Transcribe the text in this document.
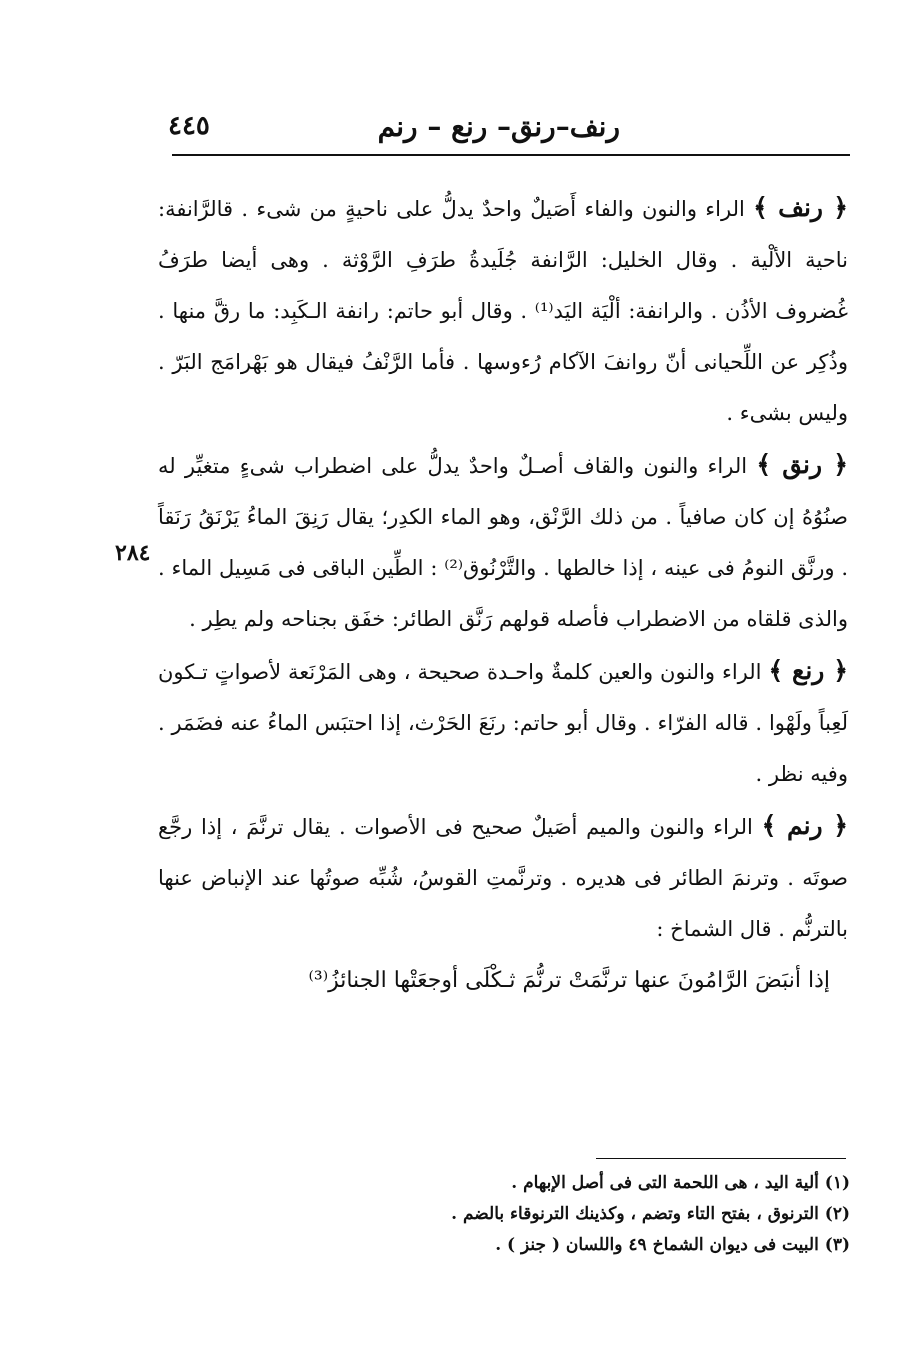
٤٤٥	رنف–رنق– رنع – رنم
٢٨٤

﴿ رنف ﴾ الراء والنون والفاء أَصَيلٌ واحدٌ يدلُّ على ناحيةٍ من شىء . قالرَّانفة: ناحية الألْية . وقال الخليل: الرَّانفة جُلَيدةُ طرَفِ الرَّوْثة . وهى أيضا طرَفُ غُضروف الأذُن . والرانفة: ألْيَة اليَد⁽¹⁾ . وقال أبو حاتم: رانفة الـكَبِد: ما رقَّ منها . وذُكِر عن اللِّحيانى أنّ روانفَ الآكام رُءوسها . فأما الرَّنْفُ فيقال هو بَهْرامَج البَرّ . وليس بشىء .

﴿ رنق ﴾ الراء والنون والقاف أصـلٌ واحدٌ يدلُّ على اضطراب شىءٍ متغيِّر له صنُوُهُ إن كان صافياً . من ذلك الرَّنْق، وهو الماء الكدِر؛ يقال رَنِقَ الماءُ يَرْنَقُ رَنَقاً . ورنَّق النومُ فى عينه ، إذا خالطها . والتَّرْنُوق⁽²⁾ : الطِّين الباقى فى مَسِيل الماء . والذى قلقاه من الاضطراب فأصله قولهم رَنَّق الطائر: خفَق بجناحه ولم يطِر .

﴿ رنع ﴾ الراء والنون والعين كلمةٌ واحـدة صحيحة ، وهى المَرْنَعة لأصواتٍ تـكون لَعِباً ولَهْوا . قاله الفرّاء . وقال أبو حاتم: رنَعَ الحَرْث، إذا احتبَس الماءُ عنه فضَمَر . وفيه نظر .

﴿ رنم ﴾ الراء والنون والميم أصَيلٌ صحيح فى الأصوات . يقال ترنَّمَ ، إذا رجَّع صوتَه . وترنمَ الطائر فى هديره . وترنَّمتِ القوسُ، شُبِّه صوتُها عند الإنباض عنها بالترنُّم . قال الشماخ :

إذا أنبَضَ الرَّامُونَ عنها ترنَّمَتْ ترنُّمَ ثـكْلَى أوجعَتْها الجنائزُ⁽³⁾

(١) ألية اليد ، هى اللحمة التى فى أصل الإبهام .

(٢) الترنوق ، بفتح التاء وتضم ، وكذينك الترنوقاء بالضم .

(٣) البيت فى ديوان الشماخ ٤٩ واللسان ( جنز ) .
